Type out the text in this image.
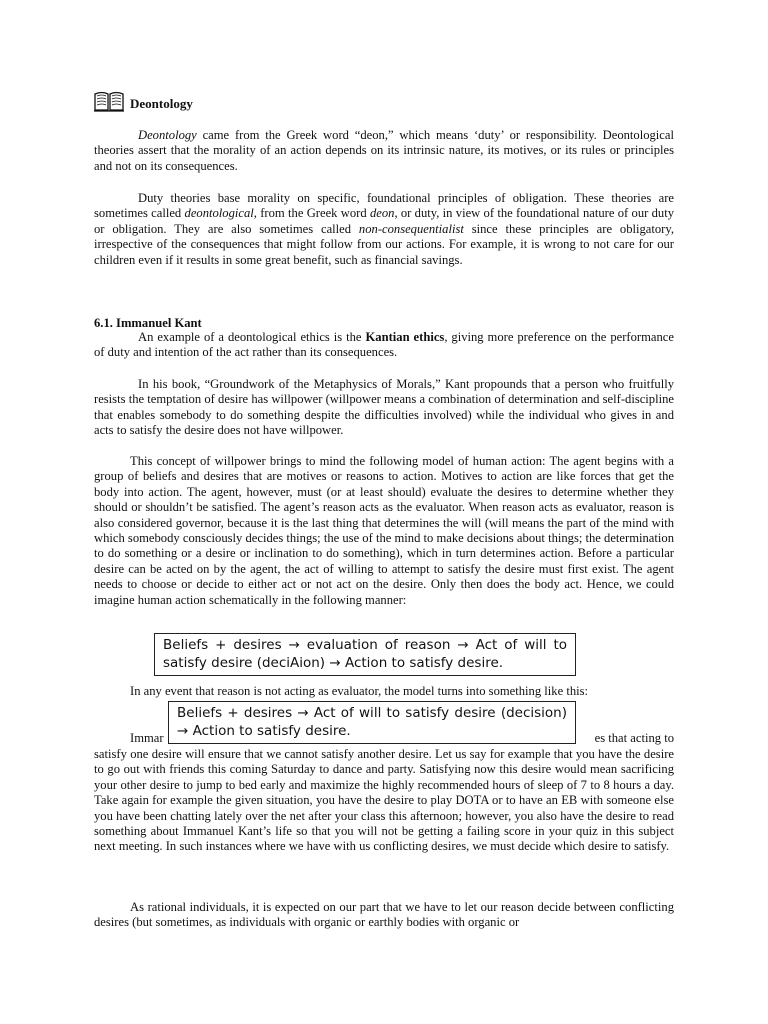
Deontology

Deontology came from the Greek word “deon,” which means ‘duty’ or responsibility. Deontological theories assert that the morality of an action depends on its intrinsic nature, its motives, or its rules or principles and not on its consequences.

Duty theories base morality on specific, foundational principles of obligation. These theories are sometimes called deontological, from the Greek word deon, or duty, in view of the foundational nature of our duty or obligation. They are also sometimes called non-consequentialist since these principles are obligatory, irrespective of the consequences that might follow from our actions. For example, it is wrong to not care for our children even if it results in some great benefit, such as financial savings.

6.1. Immanuel Kant

An example of a deontological ethics is the Kantian ethics, giving more preference on the performance of duty and intention of the act rather than its consequences.

In his book, “Groundwork of the Metaphysics of Morals,” Kant propounds that a person who fruitfully resists the temptation of desire has willpower (willpower means a combination of determination and self-discipline that enables somebody to do something despite the difficulties involved) while the individual who gives in and acts to satisfy the desire does not have willpower.

This concept of willpower brings to mind the following model of human action: The agent begins with a group of beliefs and desires that are motives or reasons to action. Motives to action are like forces that get the body into action. The agent, however, must (or at least should) evaluate the desires to determine whether they should or shouldn’t be satisfied. The agent’s reason acts as the evaluator. When reason acts as evaluator, reason is also considered governor, because it is the last thing that determines the will (will means the part of the mind with which somebody consciously decides things; the use of the mind to make decisions about things; the determination to do something or a desire or inclination to do something), which in turn determines action. Before a particular desire can be acted on by the agent, the act of willing to attempt to satisfy the desire must first exist. The agent needs to choose or decide to either act or not act on the desire. Only then does the body act. Hence, we could imagine human action schematically in the following manner:

Beliefs + desires → evaluation of reason → Act of will to satisfy desire (deciAion) → Action to satisfy desire.

In any event that reason is not acting as evaluator, the model turns into something like this:

Immar	es that acting to
Beliefs + desires → Act of will to satisfy desire (decision) → Action to satisfy desire.

satisfy one desire will ensure that we cannot satisfy another desire. Let us say for example that you have the desire to go out with friends this coming Saturday to dance and party. Satisfying now this desire would mean sacrificing your other desire to jump to bed early and maximize the highly recommended hours of sleep of 7 to 8 hours a day. Take again for example the given situation, you have the desire to play DOTA or to have an EB with someone else you have been chatting lately over the net after your class this afternoon; however, you also have the desire to read something about Immanuel Kant’s life so that you will not be getting a failing score in your quiz in this subject next meeting. In such instances where we have with us conflicting desires, we must decide which desire to satisfy.

As rational individuals, it is expected on our part that we have to let our reason decide between conflicting desires (but sometimes, as individuals with organic or earthly bodies with organic or
